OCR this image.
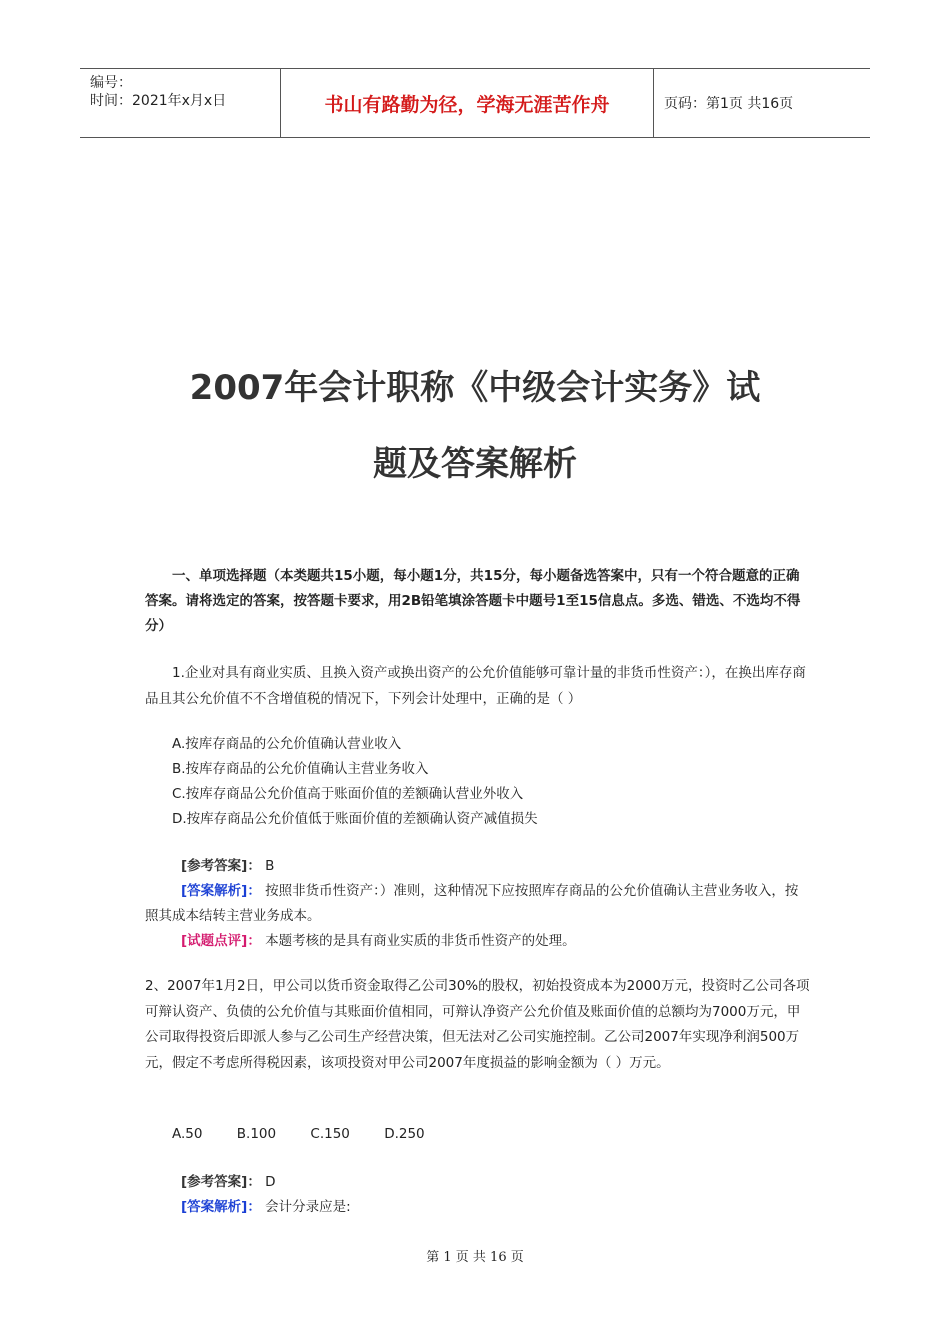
编号：
时间：2021年x月x日	书山有路勤为径，学海无涯苦作舟	页码：第1页 共16页
2007年会计职称《中级会计实务》试
题及答案解析
一、单项选择题（本类题共15小题，每小题1分，共15分，每小题备选答案中，只有一个符合题意的正确答案。请将选定的答案，按答题卡要求，用2B铅笔填涂答题卡中题号1至15信息点。多选、错选、不选均不得分）
1.企业对具有商业实质、且换入资产或换出资产的公允价值能够可靠计量的非货币性资产：），在换出库存商品且其公允价值不不含增值税的情况下，下列会计处理中，正确的是（ ）
A.按库存商品的公允价值确认营业收入
B.按库存商品的公允价值确认主营业务收入
C.按库存商品公允价值高于账面价值的差额确认营业外收入
D.按库存商品公允价值低于账面价值的差额确认资产减值损失
[参考答案]： B
[答案解析]： 按照非货币性资产：）准则，这种情况下应按照库存商品的公允价值确认主营业务收入，按照其成本结转主营业务成本。
[试题点评]： 本题考核的是具有商业实质的非货币性资产的处理。
2、2007年1月2日，甲公司以货币资金取得乙公司30%的股权，初始投资成本为2000万元，投资时乙公司各项可辩认资产、负债的公允价值与其账面价值相同，可辩认净资产公允价值及账面价值的总额均为7000万元，甲公司取得投资后即派人参与乙公司生产经营决策，但无法对乙公司实施控制。乙公司2007年实现净利润500万元，假定不考虑所得税因素，该项投资对甲公司2007年度损益的影响金额为（ ）万元。
A.50	B.100	C.150	D.250
[参考答案]： D
[答案解析]： 会计分录应是:
第 1 页 共 16 页
